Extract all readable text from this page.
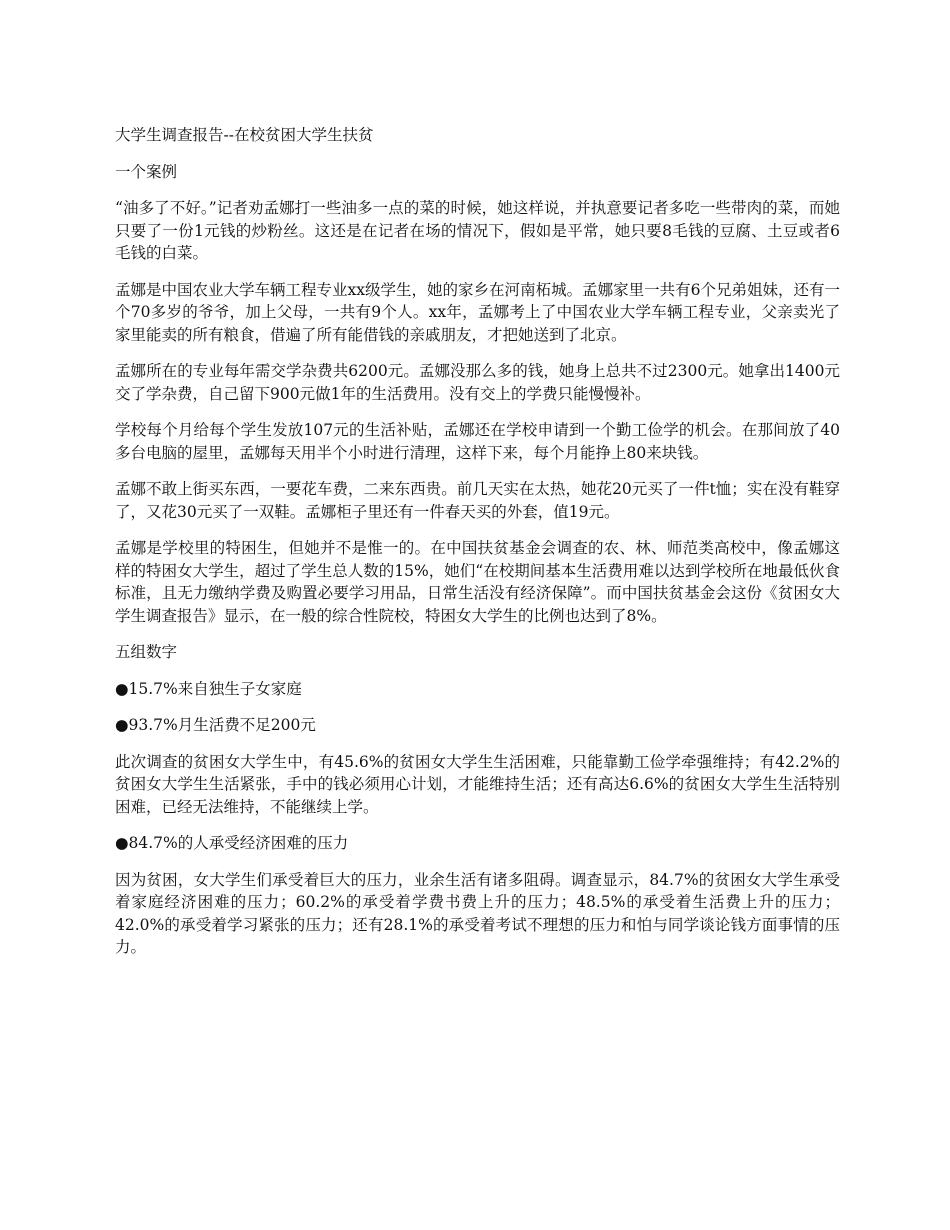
大学生调查报告--在校贫困大学生扶贫

一个案例

“油多了不好。”记者劝孟娜打一些油多一点的菜的时候，她这样说，并执意要记者多吃一些带肉的菜，而她只要了一份1元钱的炒粉丝。这还是在记者在场的情况下，假如是平常，她只要8毛钱的豆腐、土豆或者6毛钱的白菜。

孟娜是中国农业大学车辆工程专业xx级学生，她的家乡在河南柘城。孟娜家里一共有6个兄弟姐妹，还有一个70多岁的爷爷，加上父母，一共有9个人。xx年，孟娜考上了中国农业大学车辆工程专业，父亲卖光了家里能卖的所有粮食，借遍了所有能借钱的亲戚朋友，才把她送到了北京。

孟娜所在的专业每年需交学杂费共6200元。孟娜没那么多的钱，她身上总共不过2300元。她拿出1400元交了学杂费，自己留下900元做1年的生活费用。没有交上的学费只能慢慢补。

学校每个月给每个学生发放107元的生活补贴，孟娜还在学校申请到一个勤工俭学的机会。在那间放了40多台电脑的屋里，孟娜每天用半个小时进行清理，这样下来，每个月能挣上80来块钱。

孟娜不敢上街买东西，一要花车费，二来东西贵。前几天实在太热，她花20元买了一件t恤；实在没有鞋穿了，又花30元买了一双鞋。孟娜柜子里还有一件春天买的外套，值19元。

孟娜是学校里的特困生，但她并不是惟一的。在中国扶贫基金会调查的农、林、师范类高校中，像孟娜这样的特困女大学生，超过了学生总人数的15%，她们“在校期间基本生活费用难以达到学校所在地最低伙食标准，且无力缴纳学费及购置必要学习用品，日常生活没有经济保障”。而中国扶贫基金会这份《贫困女大学生调查报告》显示，在一般的综合性院校，特困女大学生的比例也达到了8%。

五组数字

●15.7%来自独生子女家庭

●93.7%月生活费不足200元

此次调查的贫困女大学生中，有45.6%的贫困女大学生生活困难，只能靠勤工俭学牵强维持；有42.2%的贫困女大学生生活紧张，手中的钱必须用心计划，才能维持生活；还有高达6.6%的贫困女大学生生活特别困难，已经无法维持，不能继续上学。

●84.7%的人承受经济困难的压力

因为贫困，女大学生们承受着巨大的压力，业余生活有诸多阻碍。调查显示，84.7%的贫困女大学生承受着家庭经济困难的压力；60.2%的承受着学费书费上升的压力；48.5%的承受着生活费上升的压力；42.0%的承受着学习紧张的压力；还有28.1%的承受着考试不理想的压力和怕与同学谈论钱方面事情的压力。
